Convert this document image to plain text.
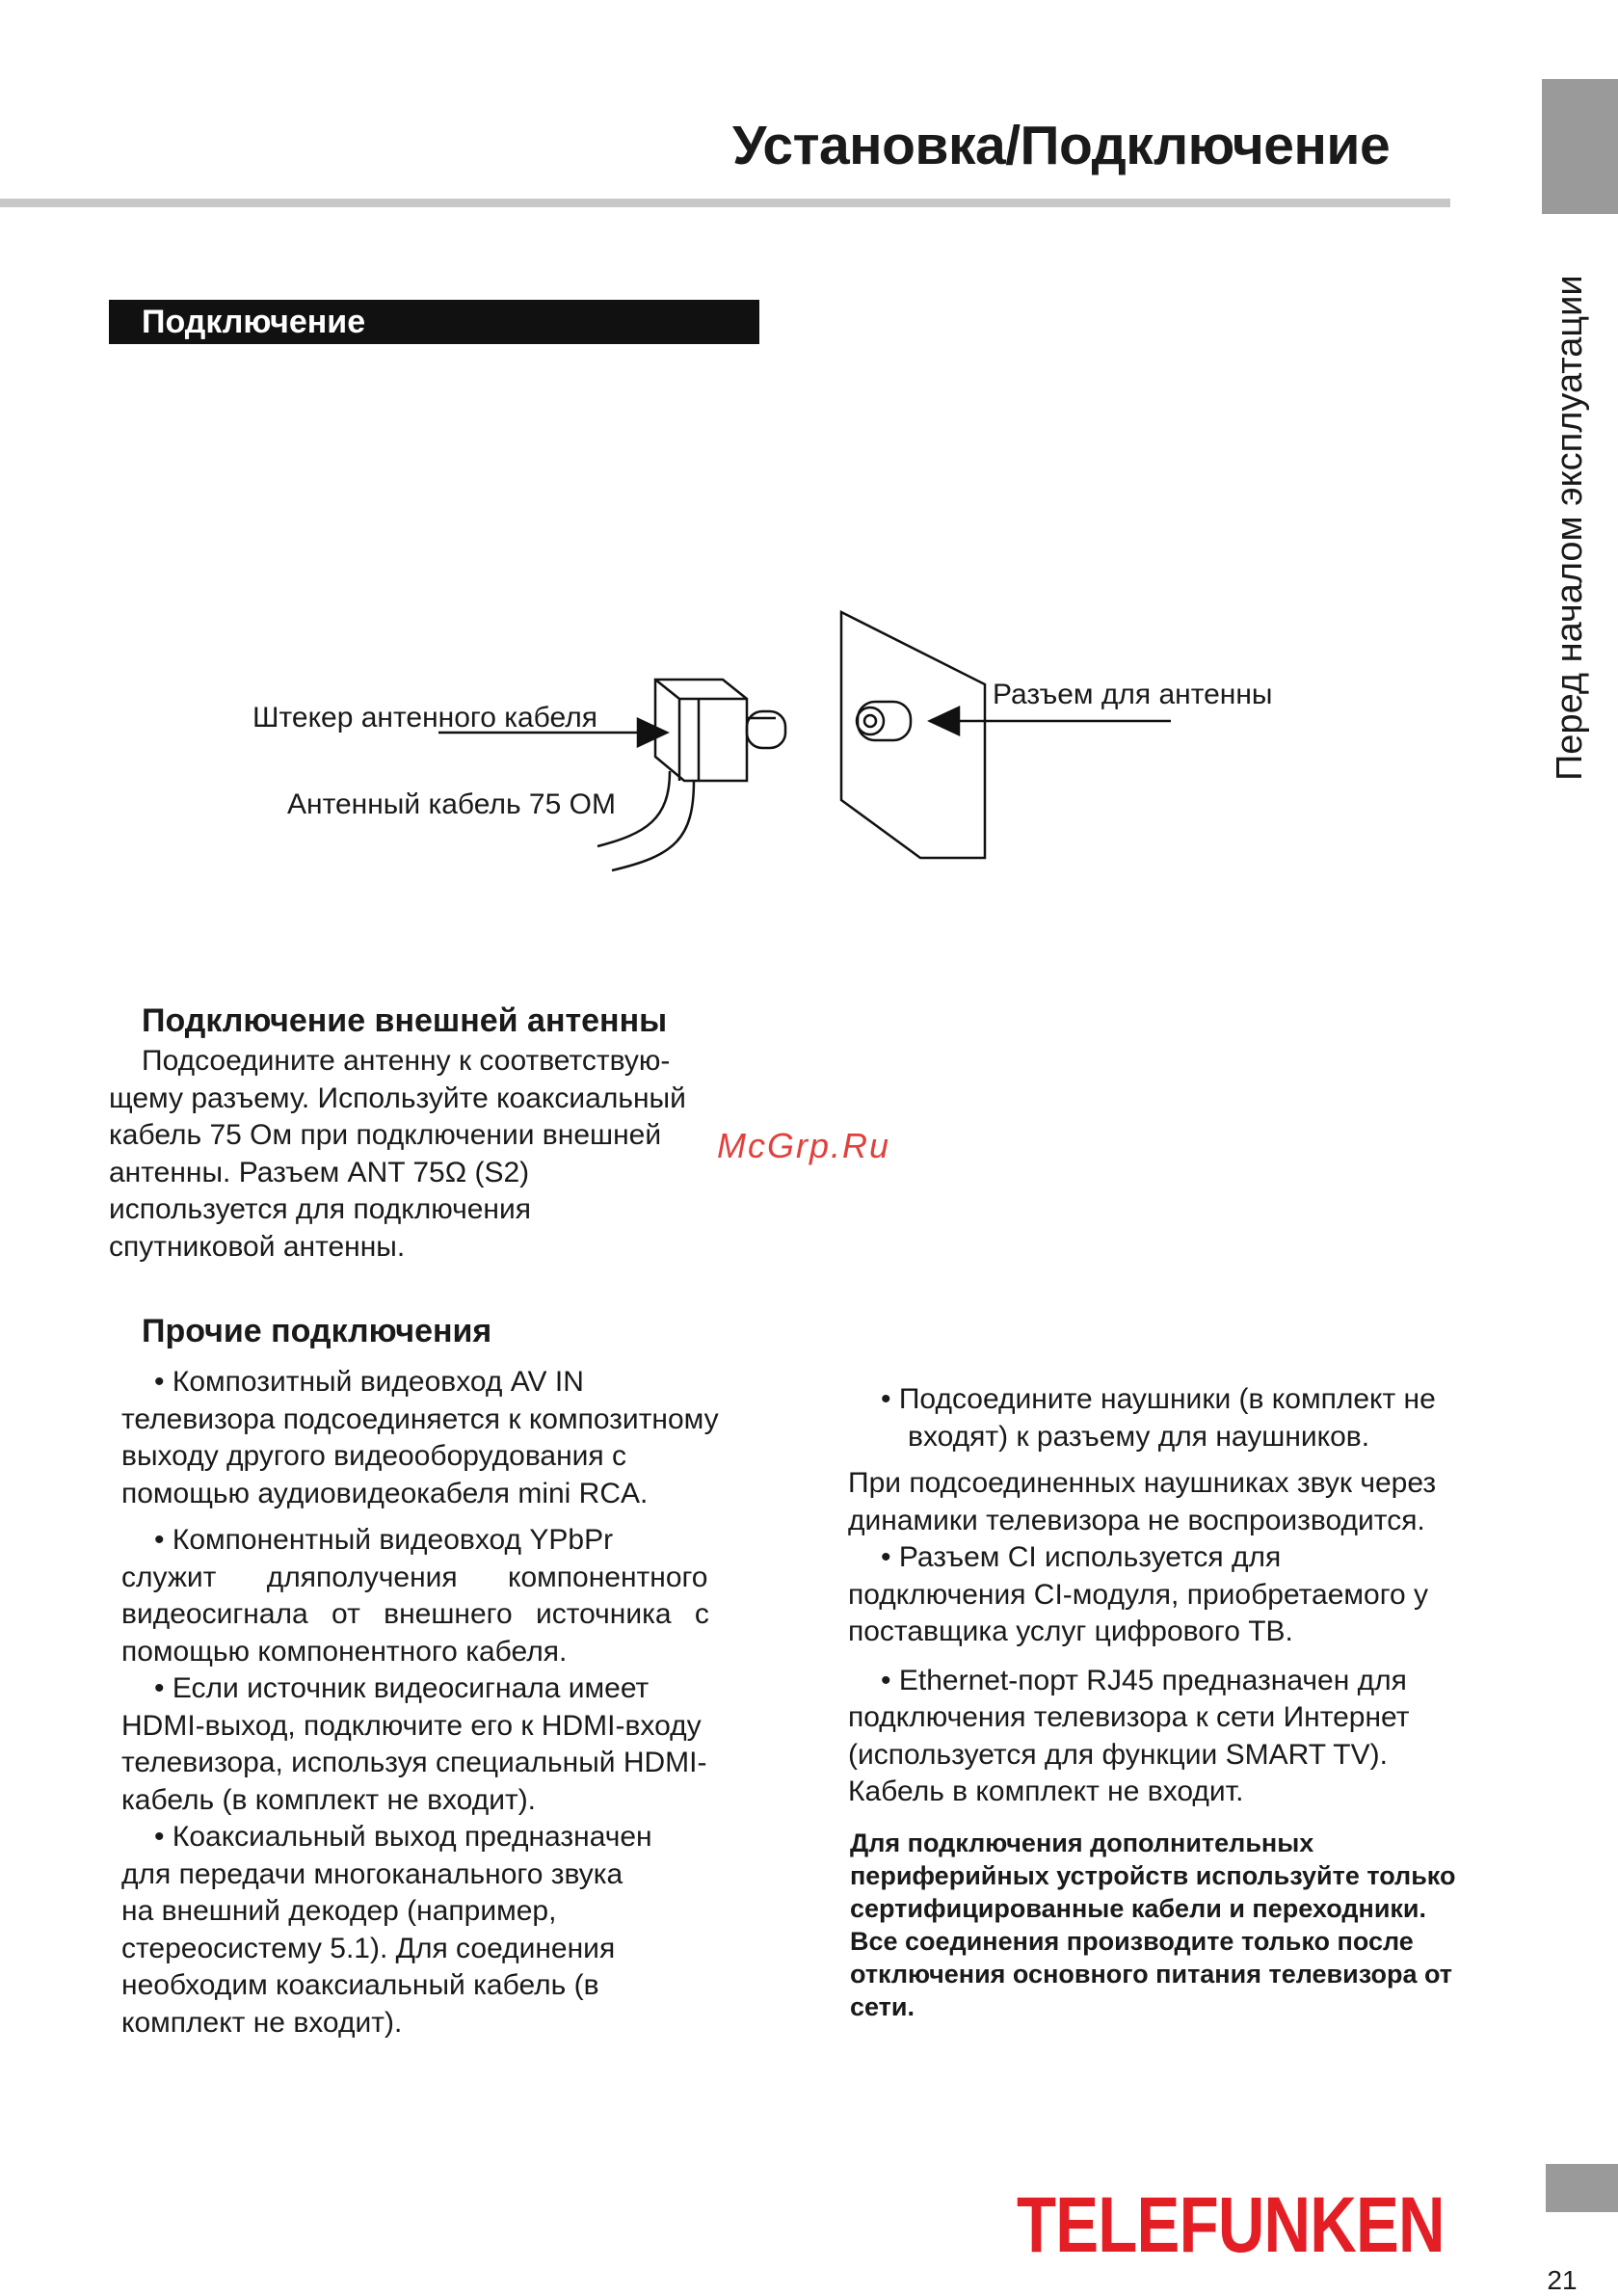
Установка/Подключение
Перед началом эксплуатации
Подключение
Штекер антенного кабеля
Антенный кабель 75 ОМ
Разъем для антенны
Подключение внешней антенны

Подсоедините антенну к соответствую-

щему разъему. Используйте коаксиальный

кабель 75 Ом при подключении внешней

антенны. Разъем ANT 75Ω (S2)

используется для подключения

спутниковой антенны.

McGrp.Ru
Прочие подключения

• Композитный видеовход AV IN

телевизора подсоединяется к композитному

выходу другого видеооборудования с

помощью аудиовидеокабеля mini RCA.

• Компонентный видеовход YPbPr

служит дляполучения компонентного

видеосигнала от внешнего источника с

помощью компонентного кабеля.

• Если источник видеосигнала имеет

HDMI-выход, подключите его к HDMI-входу

телевизора, используя специальный HDMI-

кабель (в комплект не входит).

• Коаксиальный выход предназначен

для передачи многоканального звука

на внешний декодер (например,

стереосистему 5.1). Для соединения

необходим коаксиальный кабель (в

комплект не входит).

• Подсоедините наушники (в комплект не

входят) к разъему для наушников.

При подсоединенных наушниках звук через

динамики телевизора не воспроизводится.

• Разъем CI используется для

подключения CI-модуля, приобретаемого у

поставщика услуг цифрового ТВ.

• Ethernet-порт RJ45 предназначен для

подключения телевизора к сети Интернет

(используется для функции SMART TV).

Кабель в комплект не входит.

Для подключения дополнительных

периферийных устройств используйте только

сертифицированные кабели и переходники.

Все соединения производите только после

отключения основного питания телевизора от

сети.

TELEFUNKEN
21
